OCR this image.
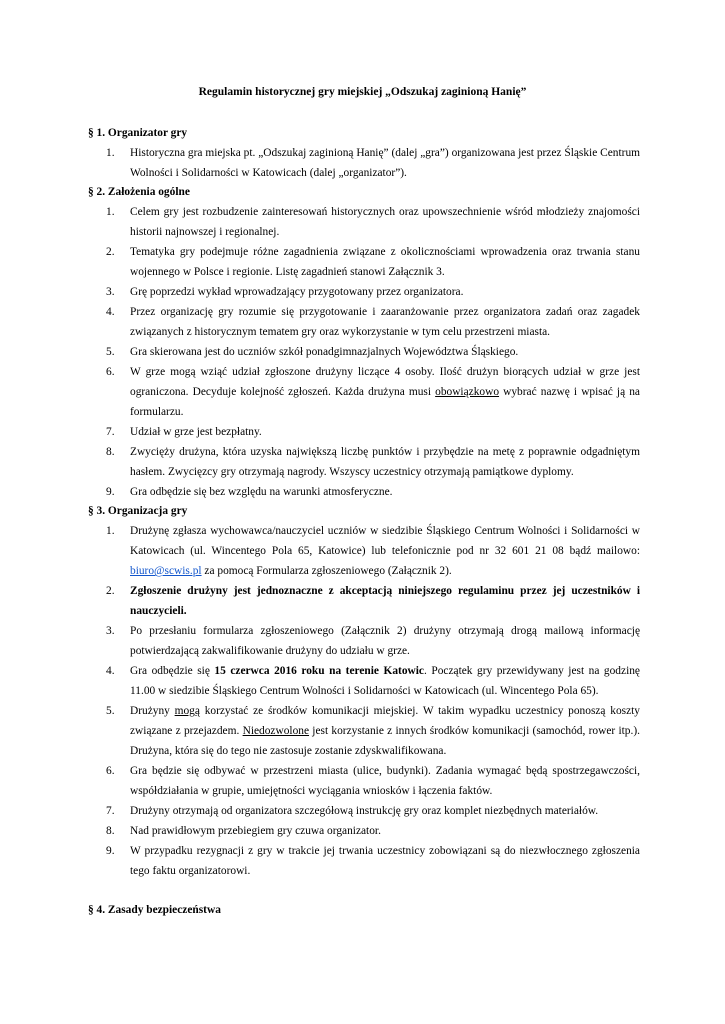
Regulamin historycznej gry miejskiej „Odszukaj zaginioną Hanię”
§ 1. Organizator gry
1. Historyczna gra miejska pt. „Odszukaj zaginioną Hanię” (dalej „gra”) organizowana jest przez Śląskie Centrum Wolności i Solidarności w Katowicach (dalej „organizator”).
§ 2. Założenia ogólne
1. Celem gry jest rozbudzenie zainteresowań historycznych oraz upowszechnienie wśród młodzieży znajomości historii najnowszej i regionalnej.
2. Tematyka gry podejmuje różne zagadnienia związane z okolicznościami wprowadzenia oraz trwania stanu wojennego w Polsce i regionie. Listę zagadnień stanowi Załącznik 3.
3. Grę poprzedzi wykład wprowadzający przygotowany przez organizatora.
4. Przez organizację gry rozumie się przygotowanie i zaaranżowanie przez organizatora zadań oraz zagadek związanych z historycznym tematem gry oraz wykorzystanie w tym celu przestrzeni miasta.
5. Gra skierowana jest do uczniów szkół ponadgimnazjalnych Województwa Śląskiego.
6. W grze mogą wziąć udział zgłoszone drużyny liczące 4 osoby. Ilość drużyn biorących udział w grze jest ograniczona. Decyduje kolejność zgłoszeń. Każda drużyna musi obowiązkowo wybrać nazwę i wpisać ją na formularzu.
7. Udział w grze jest bezpłatny.
8. Zwycięży drużyna, która uzyska największą liczbę punktów i przybędzie na metę z poprawnie odgadniętym hasłem. Zwycięzcy gry otrzymają nagrody. Wszyscy uczestnicy otrzymają pamiątkowe dyplomy.
9. Gra odbędzie się bez względu na warunki atmosferyczne.
§ 3. Organizacja gry
1. Drużynę zgłasza wychowawca/nauczyciel uczniów w siedzibie Śląskiego Centrum Wolności i Solidarności w Katowicach (ul. Wincentego Pola 65, Katowice) lub telefonicznie pod nr 32 601 21 08 bądź mailowo: biuro@scwis.pl za pomocą Formularza zgłoszeniowego (Załącznik 2).
2. Zgłoszenie drużyny jest jednoznaczne z akceptacją niniejszego regulaminu przez jej uczestników i nauczycieli.
3. Po przesłaniu formularza zgłoszeniowego (Załącznik 2) drużyny otrzymają drogą mailową informację potwierdzającą zakwalifikowanie drużyny do udziału w grze.
4. Gra odbędzie się 15 czerwca 2016 roku na terenie Katowic. Początek gry przewidywany jest na godzinę 11.00 w siedzibie Śląskiego Centrum Wolności i Solidarności w Katowicach (ul. Wincentego Pola 65).
5. Drużyny mogą korzystać ze środków komunikacji miejskiej. W takim wypadku uczestnicy ponoszą koszty związane z przejazdem. Niedozwolone jest korzystanie z innych środków komunikacji (samochód, rower itp.). Drużyna, która się do tego nie zastosuje zostanie zdyskwalifikowana.
6. Gra będzie się odbywać w przestrzeni miasta (ulice, budynki). Zadania wymagać będą spostrzegawczości, współdziałania w grupie, umiejętności wyciągania wniosków i łączenia faktów.
7. Drużyny otrzymają od organizatora szczegółową instrukcję gry oraz komplet niezbędnych materiałów.
8. Nad prawidłowym przebiegiem gry czuwa organizator.
9. W przypadku rezygnacji z gry w trakcie jej trwania uczestnicy zobowiązani są do niezwłocznego zgłoszenia tego faktu organizatorowi.
§ 4. Zasady bezpieczeństwa
